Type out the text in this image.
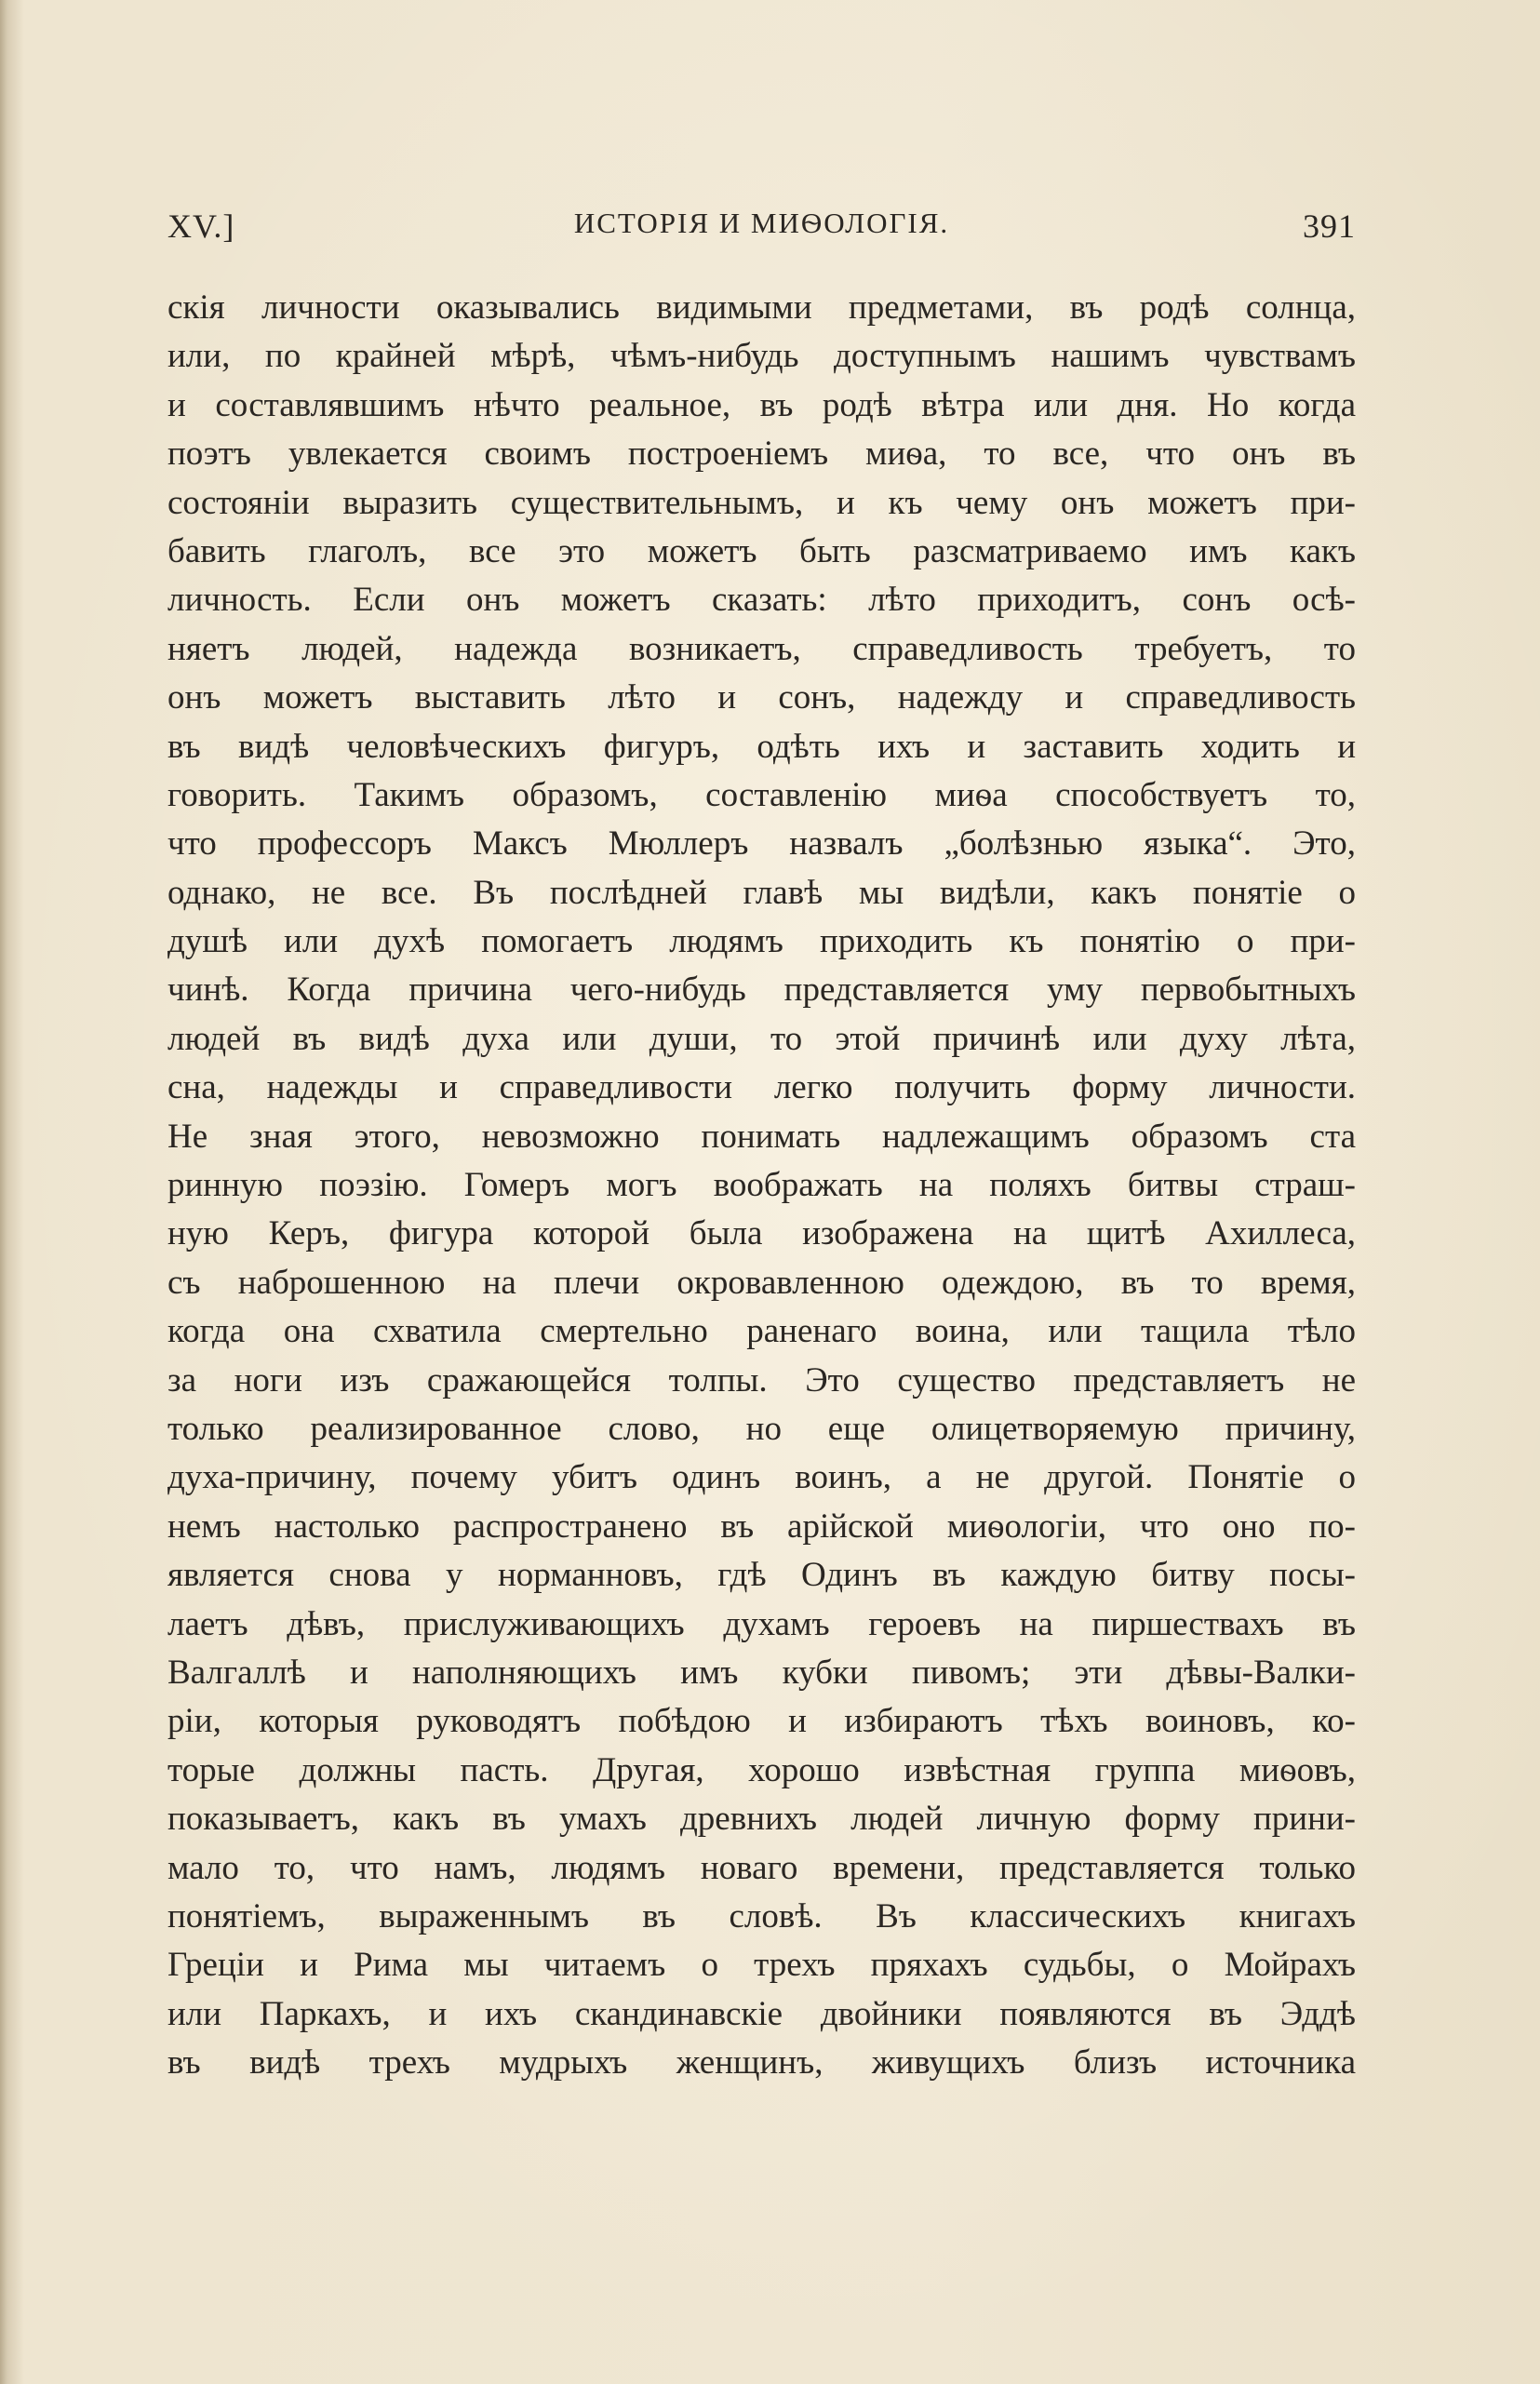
XV.]	ИСТОРІЯ И МИѲОЛОГІЯ.	391
скія личности оказывались видимыми предметами, въ родѣ солнца,
или, по крайней мѣрѣ, чѣмъ-нибудь доступнымъ нашимъ чувствамъ
и составлявшимъ нѣчто реальное, въ родѣ вѣтра или дня. Но когда
поэтъ увлекается своимъ построеніемъ миѳа, то все, что онъ въ
состояніи выразить существительнымъ, и къ чему онъ можетъ при-
бавить глаголъ, все это можетъ быть разсматриваемо имъ какъ
личность. Если онъ можетъ сказать: лѣто приходитъ, сонъ осѣ-
няетъ людей, надежда возникаетъ, справедливость требуетъ, то
онъ можетъ выставить лѣто и сонъ, надежду и справедливость
въ видѣ человѣческихъ фигуръ, одѣть ихъ и заставить ходить и
говорить. Такимъ образомъ, составленію миѳа способствуетъ то,
что профессоръ Максъ Мюллеръ назвалъ „болѣзнью языка“. Это,
однако, не все. Въ послѣдней главѣ мы видѣли, какъ понятіе о
душѣ или духѣ помогаетъ людямъ приходить къ понятію о при-
чинѣ. Когда причина чего-нибудь представляется уму первобытныхъ
людей въ видѣ духа или души, то этой причинѣ или духу лѣта,
сна, надежды и справедливости легко получить форму личности.
Не зная этого, невозможно понимать надлежащимъ образомъ ста
ринную поэзію. Гомеръ могъ воображать на поляхъ битвы страш-
ную Керъ, фигура которой была изображена на щитѣ Ахиллеса,
съ наброшенною на плечи окровавленною одеждою, въ то время,
когда она схватила смертельно раненаго воина, или тащила тѣло
за ноги изъ сражающейся толпы. Это существо представляетъ не
только реализированное слово, но еще олицетворяемую причину,
духа-причину, почему убитъ одинъ воинъ, а не другой. Понятіе о
немъ настолько распространено въ арійской миѳологіи, что оно по-
является снова у норманновъ, гдѣ Одинъ въ каждую битву посы-
лаетъ дѣвъ, прислуживающихъ духамъ героевъ на пиршествахъ въ
Валгаллѣ и наполняющихъ имъ кубки пивомъ; эти дѣвы-Валки-
ріи, которыя руководятъ побѣдою и избираютъ тѣхъ воиновъ, ко-
торые должны пасть. Другая, хорошо извѣстная группа миѳовъ,
показываетъ, какъ въ умахъ древнихъ людей личную форму прини-
мало то, что намъ, людямъ новаго времени, представляется только
понятіемъ, выраженнымъ въ словѣ. Въ классическихъ книгахъ
Греціи и Рима мы читаемъ о трехъ пряхахъ судьбы, о Мойрахъ
или Паркахъ, и ихъ скандинавскіе двойники появляются въ Эддѣ
въ видѣ трехъ мудрыхъ женщинъ, живущихъ близъ источника
